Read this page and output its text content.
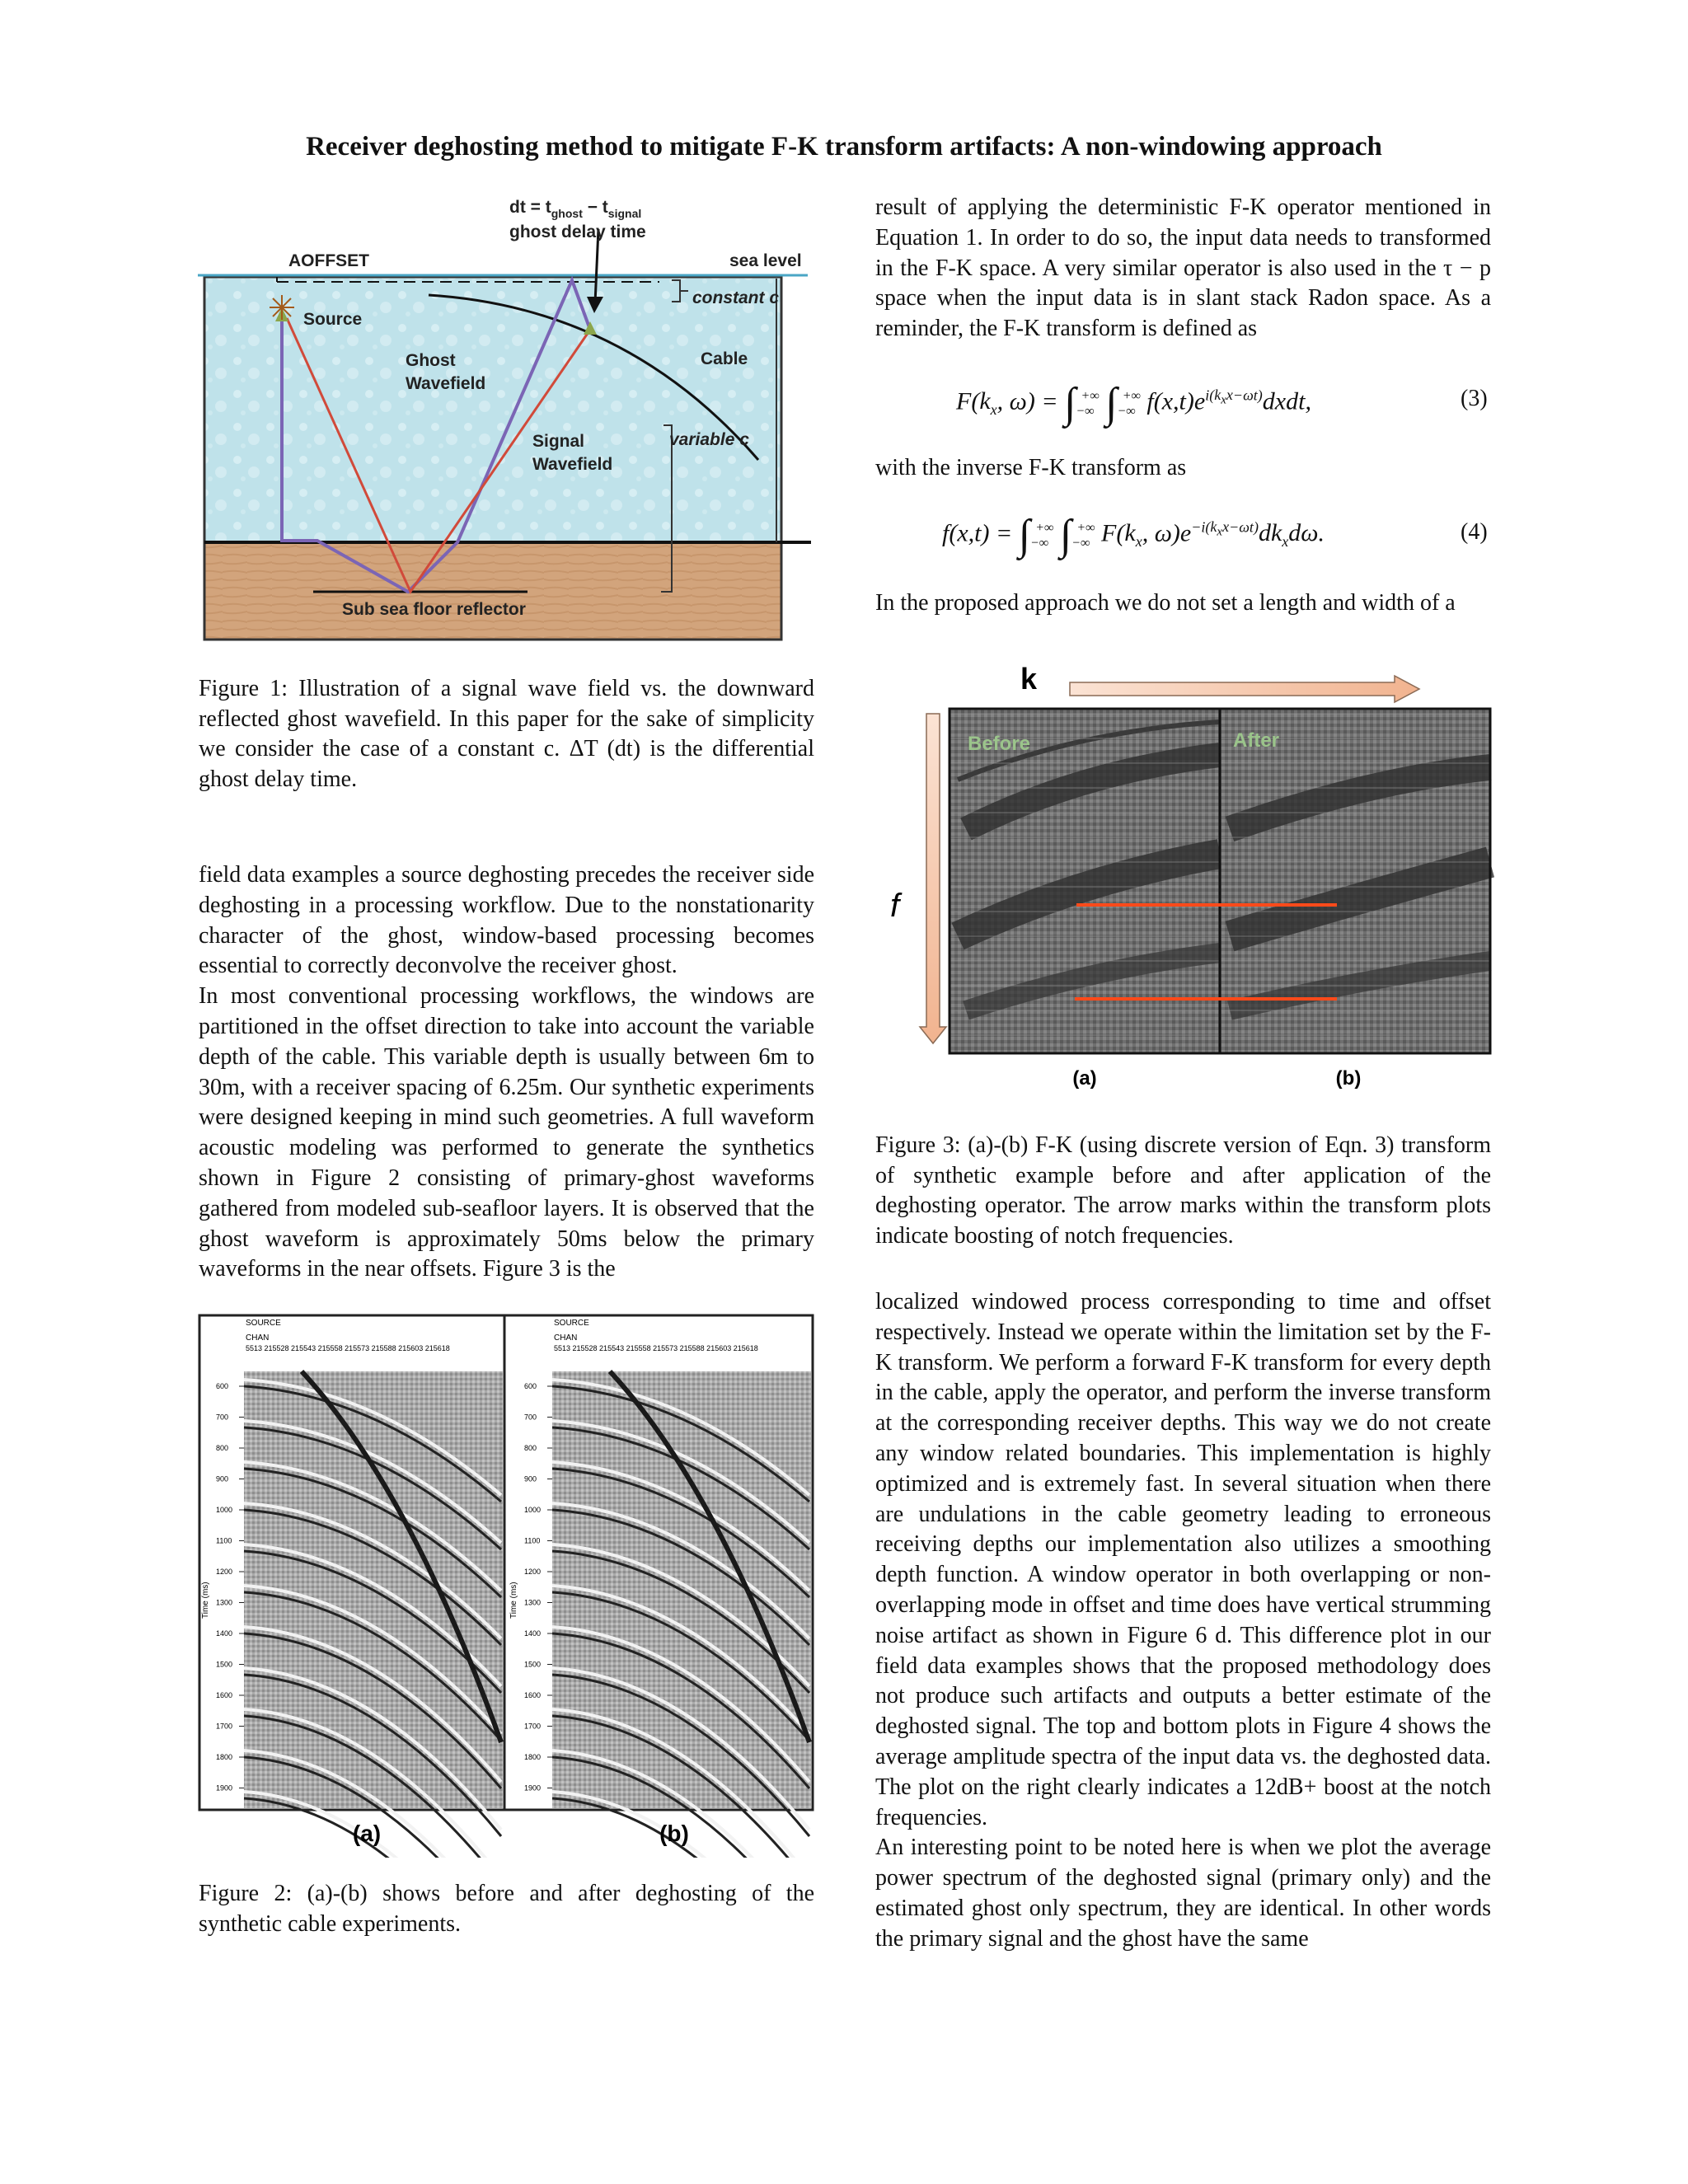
Receiver deghosting method to mitigate F-K transform artifacts: A non-windowing approach
dt = $t_{ghost} - t_{signal}$
ghost delay time
AOFFSET	sea level
constant c
Source
Cable
Ghost
Wavefield
Signal
Wavefield
variable c
Sub sea floor reflector
Figure 1: Illustration of a signal wave field vs. the downward reflected ghost wavefield. In this paper for the sake of simplicity we consider the case of a constant c. ΔT (dt) is the differential ghost delay time.

field data examples a source deghosting precedes the receiver side deghosting in a processing workflow. Due to the nonstationarity character of the ghost, window-based processing becomes essential to correctly deconvolve the receiver ghost.

In most conventional processing workflows, the windows are partitioned in the offset direction to take into account the variable depth of the cable. This variable depth is usually between 6m to 30m, with a receiver spacing of 6.25m. Our synthetic experiments were designed keeping in mind such geometries. A full waveform acoustic modeling was performed to generate the synthetics shown in Figure 2 consisting of primary-ghost waveforms gathered from modeled sub-seafloor layers. It is observed that the ghost waveform is approximately 50ms below the primary waveforms in the near offsets. Figure 3 is the

SOURCE
CHAN
5513 215528 215543 215558 215573 215588 215603 215618
Time (ms)
600
700
800
900
1000
1100
1200
1300
1400
1500
1600
1700
1800
1900
SOURCE
CHAN
5513 215528 215543 215558 215573 215588 215603 215618
Time (ms)
600
700
800
900
1000
1100
1200
1300
1400
1500
1600
1700
1800
1900
(a)	(b)
Figure 2: (a)-(b) shows before and after deghosting of the synthetic cable experiments.

result of applying the deterministic F-K operator mentioned in Equation 1. In order to do so, the input data needs to transformed in the F-K space. A very similar operator is also used in the τ − p space when the input data is in slant stack Radon space. As a reminder, the F-K transform is defined as

$F(k_x$, $\omega) = \int_{-\infty}^{+\infty}$ $\int_{-\infty}^{+\infty}$ $f(x,t)e^{i(k_xx-\omega t)}dxdt$,	(3)

with the inverse F-K transform as

$f(x,t) = \int_{-\infty}^{+\infty}$ $\int_{-\infty}^{+\infty}$ $F(k_x$, $\omega)e^{-i(k_xx-\omega t)}dk_xd\omega$.	(4)

In the proposed approach we do not set a length and width of a

k
f
Before	After
(a)	(b)
Figure 3: (a)-(b) F-K (using discrete version of Eqn. 3) transform of synthetic example before and after application of the deghosting operator. The arrow marks within the transform plots indicate boosting of notch frequencies.

localized windowed process corresponding to time and offset respectively. Instead we operate within the limitation set by the F-K transform. We perform a forward F-K transform for every depth in the cable, apply the operator, and perform the inverse transform at the corresponding receiver depths. This way we do not create any window related boundaries. This implementation is highly optimized and is extremely fast. In several situation when there are undulations in the cable geometry leading to erroneous receiving depths our implementation also utilizes a smoothing depth function. A window operator in both overlapping or non-overlapping mode in offset and time does have vertical strumming noise artifact as shown in Figure 6 d. This difference plot in our field data examples shows that the proposed methodology does not produce such artifacts and outputs a better estimate of the deghosted signal. The top and bottom plots in Figure 4 shows the average amplitude spectra of the input data vs. the deghosted data. The plot on the right clearly indicates a 12dB+ boost at the notch frequencies.

An interesting point to be noted here is when we plot the average power spectrum of the deghosted signal (primary only) and the estimated ghost only spectrum, they are identical. In other words the primary signal and the ghost have the same
